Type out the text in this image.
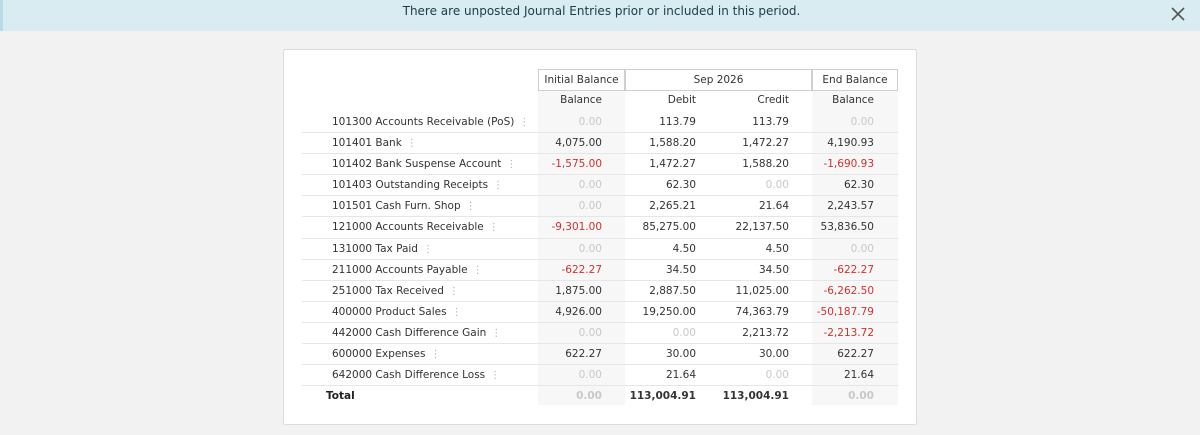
There are unposted Journal Entries prior or included in this period.
Initial Balance	Sep 2026	End Balance
Balance	Debit	Credit	Balance
101300 Accounts Receivable (PoS) ⋮	0.00	113.79	113.79	0.00
101401 Bank ⋮	4,075.00	1,588.20	1,472.27	4,190.93
101402 Bank Suspense Account ⋮	-1,575.00	1,472.27	1,588.20	-1,690.93
101403 Outstanding Receipts ⋮	0.00	62.30	0.00	62.30
101501 Cash Furn. Shop ⋮	0.00	2,265.21	21.64	2,243.57
121000 Accounts Receivable ⋮	-9,301.00	85,275.00	22,137.50	53,836.50
131000 Tax Paid ⋮	0.00	4.50	4.50	0.00
211000 Accounts Payable ⋮	-622.27	34.50	34.50	-622.27
251000 Tax Received ⋮	1,875.00	2,887.50	11,025.00	-6,262.50
400000 Product Sales ⋮	4,926.00	19,250.00	74,363.79	-50,187.79
442000 Cash Difference Gain ⋮	0.00	0.00	2,213.72	-2,213.72
600000 Expenses ⋮	622.27	30.00	30.00	622.27
642000 Cash Difference Loss ⋮	0.00	21.64	0.00	21.64
Total	0.00	113,004.91	113,004.91	0.00
